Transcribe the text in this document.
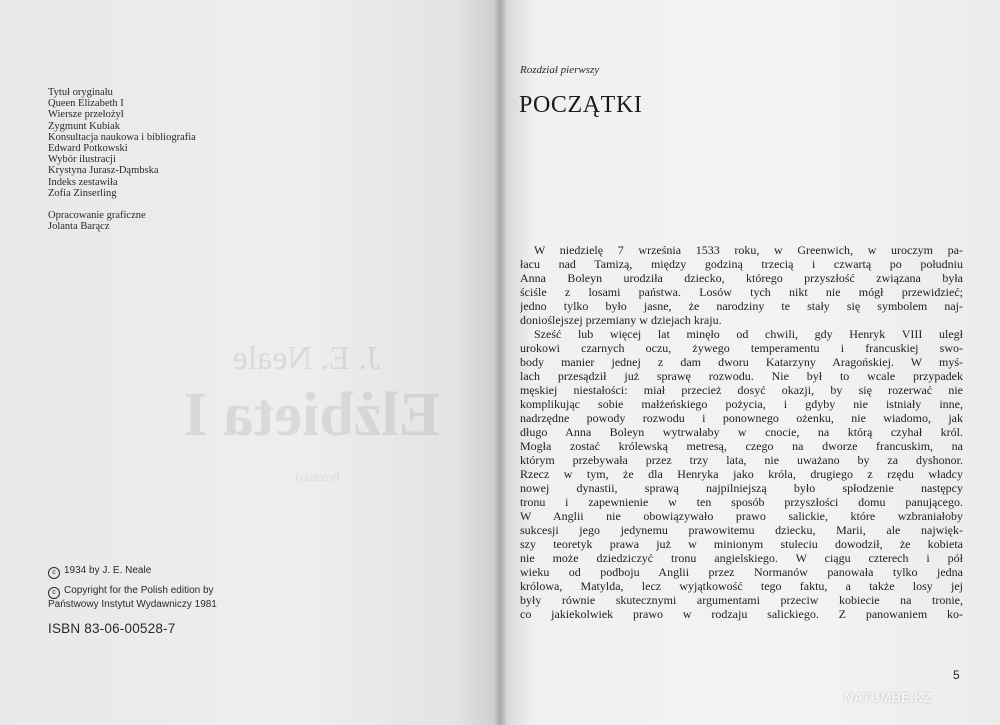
Tytuł oryginału
Queen Elizabeth I
Wiersze przełożył
Zygmunt Kubiak
Konsultacja naukowa i bibliografia
Edward Potkowski
Wybór ilustracji
Krystyna Jurasz-Dąmbska
Indeks zestawiła
Zofia Zinserling
Opracowanie graficzne
Jolanta Barącz
c 1934 by J. E. Neale
c Copyright for the Polish edition by
Państwowy Instytut Wydawniczy 1981
ISBN 83-06-00528-7
Rozdział pierwszy
POCZĄTKI
W niedzielę 7 września 1533 roku, w Greenwich, w uroczym pa-
łacu nad Tamizą, między godziną trzecią i czwartą po południu
Anna Boleyn urodziła dziecko, którego przyszłość związana była
ściśle z losami państwa. Losów tych nikt nie mógł przewidzieć;
jedno tylko było jasne, że narodziny te stały się symbolem naj-
donioślejszej przemiany w dziejach kraju.
Sześć lub więcej lat minęło od chwili, gdy Henryk VIII uległ
urokowi czarnych oczu, żywego temperamentu i francuskiej swo-
body manier jednej z dam dworu Katarzyny Aragońskiej. W myś-
lach przesądził już sprawę rozwodu. Nie był to wcale przypadek
męskiej niestałości: miał przecież dosyć okazji, by się rozerwać nie
komplikując sobie małżeńskiego pożycia, i gdyby nie istniały inne,
nadrzędne powody rozwodu i ponownego ożenku, nie wiadomo, jak
długo Anna Boleyn wytrwałaby w cnocie, na którą czyhał król.
Mogła zostać królewską metresą, czego na dworze francuskim, na
którym przebywała przez trzy lata, nie uważano by za dyshonor.
Rzecz w tym, że dla Henryka jako króla, drugiego z rzędu władcy
nowej dynastii, sprawą najpilniejszą było spłodzenie następcy
tronu i zapewnienie w ten sposób przyszłości domu panującego.
W Anglii nie obowiązywało prawo salickie, które wzbraniałoby
sukcesji jego jedynemu prawowitemu dziecku, Marii, ale najwięk-
szy teoretyk prawa już w minionym stuleciu dowodził, że kobieta
nie może dziedziczyć tronu angielskiego. W ciągu czterech i pół
wieku od podboju Anglii przez Normanów panowała tylko jedna
królowa, Matylda, lecz wyjątkowość tego faktu, a także losy jej
były równie skutecznymi argumentami przeciw kobiecie na tronie,
co jakiekolwiek prawo w rodzaju salickiego. Z panowaniem ko-
5
NATUMBE.KZ
